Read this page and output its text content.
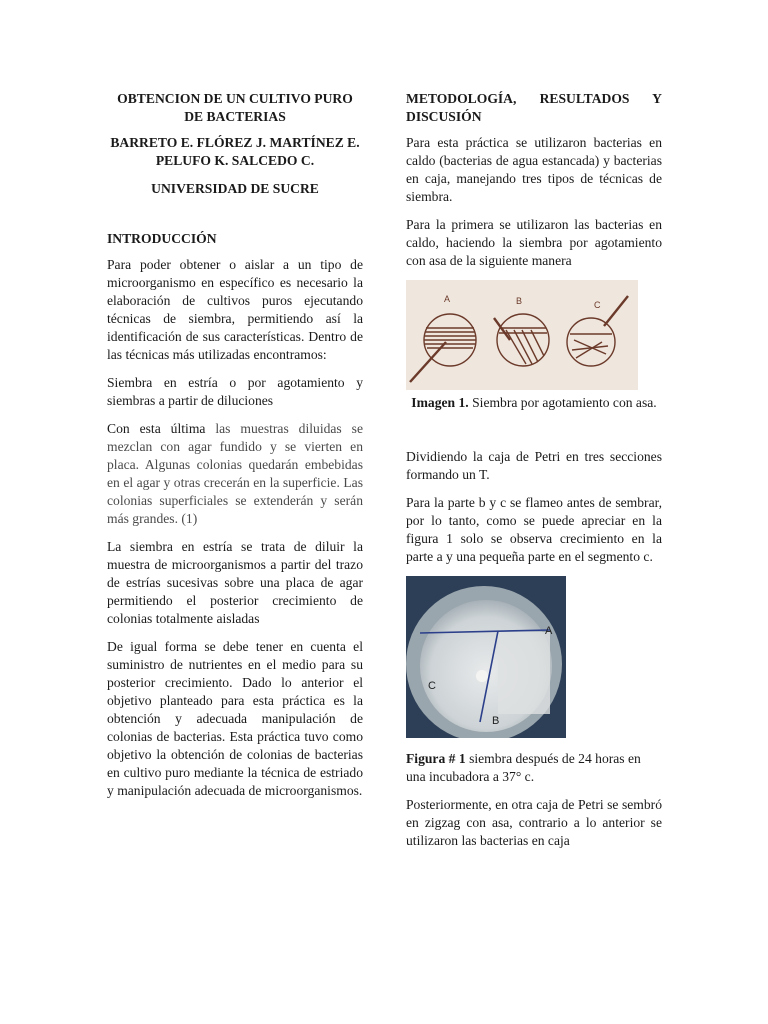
OBTENCION DE UN CULTIVO PURO DE BACTERIAS
BARRETO E. FLÓREZ J. MARTÍNEZ E. PELUFO K. SALCEDO C.
UNIVERSIDAD DE SUCRE
INTRODUCCIÓN

Para poder obtener o aislar a un tipo de microorganismo en específico es necesario la elaboración de cultivos puros ejecutando técnicas de siembra, permitiendo así la identificación de sus características. Dentro de las técnicas más utilizadas encontramos:

Siembra en estría o por agotamiento y siembras a partir de diluciones

Con esta última las muestras diluidas se mezclan con agar fundido y se vierten en placa. Algunas colonias quedarán embebidas en el agar y otras crecerán en la superficie. Las colonias superficiales se extenderán y serán más grandes. (1)

La siembra en estría se trata de diluir la muestra de microorganismos a partir del trazo de estrías sucesivas sobre una placa de agar permitiendo el posterior crecimiento de colonias totalmente aisladas

De igual forma se debe tener en cuenta el suministro de nutrientes en el medio para su posterior crecimiento. Dado lo anterior el objetivo planteado para esta práctica es la obtención y adecuada manipulación de colonias de bacterias. Esta práctica tuvo como objetivo la obtención de colonias de bacterias en cultivo puro mediante la técnica de estriado y manipulación adecuada de microorganismos.

METODOLOGÍA, RESULTADOS Y DISCUSIÓN

Para esta práctica se utilizaron bacterias en caldo (bacterias de agua estancada) y bacterias en caja, manejando tres tipos de técnicas de siembra.

Para la primera se utilizaron las bacterias en caldo, haciendo la siembra por agotamiento con asa de la siguiente manera

A	B	C
Imagen 1. Siembra por agotamiento con asa.

Dividiendo la caja de Petri en tres secciones formando un T.

Para la parte b y c se flameo antes de sembrar, por lo tanto, como se puede apreciar en la figura 1 solo se observa crecimiento en la parte a y una pequeña parte en el segmento c.

A
C
B
Figura # 1 siembra después de 24 horas en una incubadora a 37° c.

Posteriormente, en otra caja de Petri se sembró en zigzag con asa, contrario a lo anterior se utilizaron las bacterias en caja
